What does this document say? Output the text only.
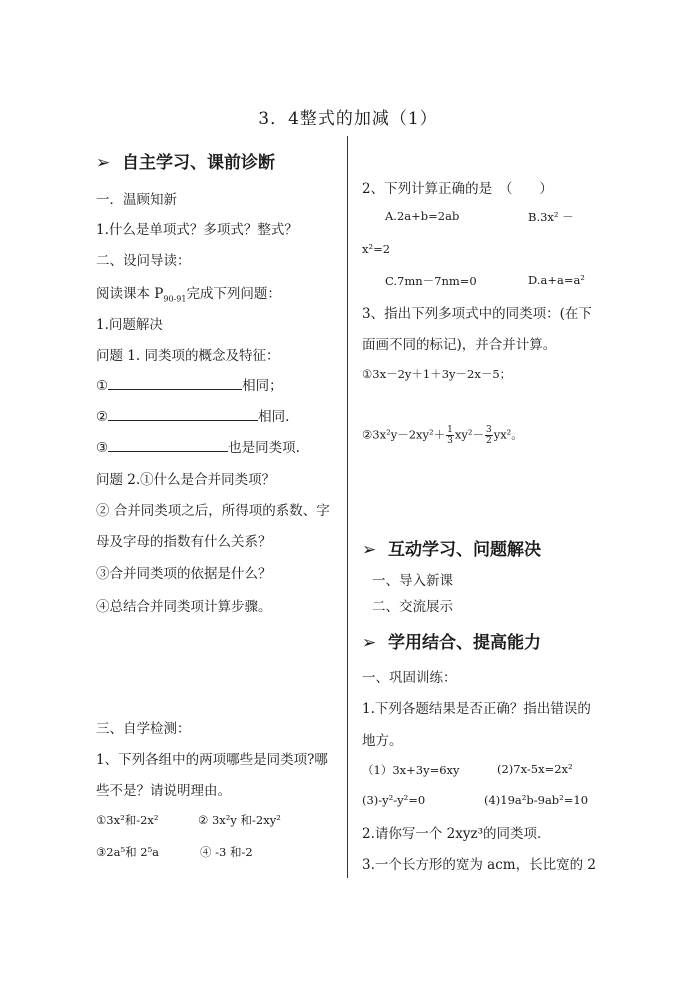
3．4整式的加减（1）
➢ 自主学习、课前诊断
一．温顾知新
1.什么是单项式？多项式？整式？
二、设问导读：
阅读课本 $P_{90-91}$完成下列问题：
1.问题解决
问题 1. 同类项的概念及特征：
①	相同；
②	相同.
③	也是同类项.
问题 2.①什么是合并同类项？
② 合并同类项之后，所得项的系数、字
母及字母的指数有什么关系？
③合并同类项的依据是什么？
④总结合并同类项计算步骤。
三、自学检测：
1、下列各组中的两项哪些是同类项?哪
些不是？请说明理由。
①3x²和-2x²	② 3x²y 和-2xy²
③2a⁵和 2⁵a	④ -3 和-2
2、下列计算正确的是　（　　）
A.2a+b=2ab	B.3x² －
x²=2
C.7mn－7nm=0	D.a+a=a²
3、指出下列多项式中的同类项：(在下
面画不同的标记)，并合并计算。
①3x－2y＋1＋3y－2x－5；
②3x²y－2xy²＋ $\frac{1}{3} xy^2- \frac{3}{2} yx^2$。
➢ 互动学习、问题解决
一、导入新课
二、交流展示
➢ 学用结合、提高能力
一、巩固训练：
1.下列各题结果是否正确？指出错误的
地方。
（1）3x+3y=6xy	(2)7x-5x=2x²
(3)-y²-y²=0	(4)19a²b-9ab²=10
2.请你写一个 2xyz³的同类项．
3.一个长方形的宽为 acm，长比宽的 2
